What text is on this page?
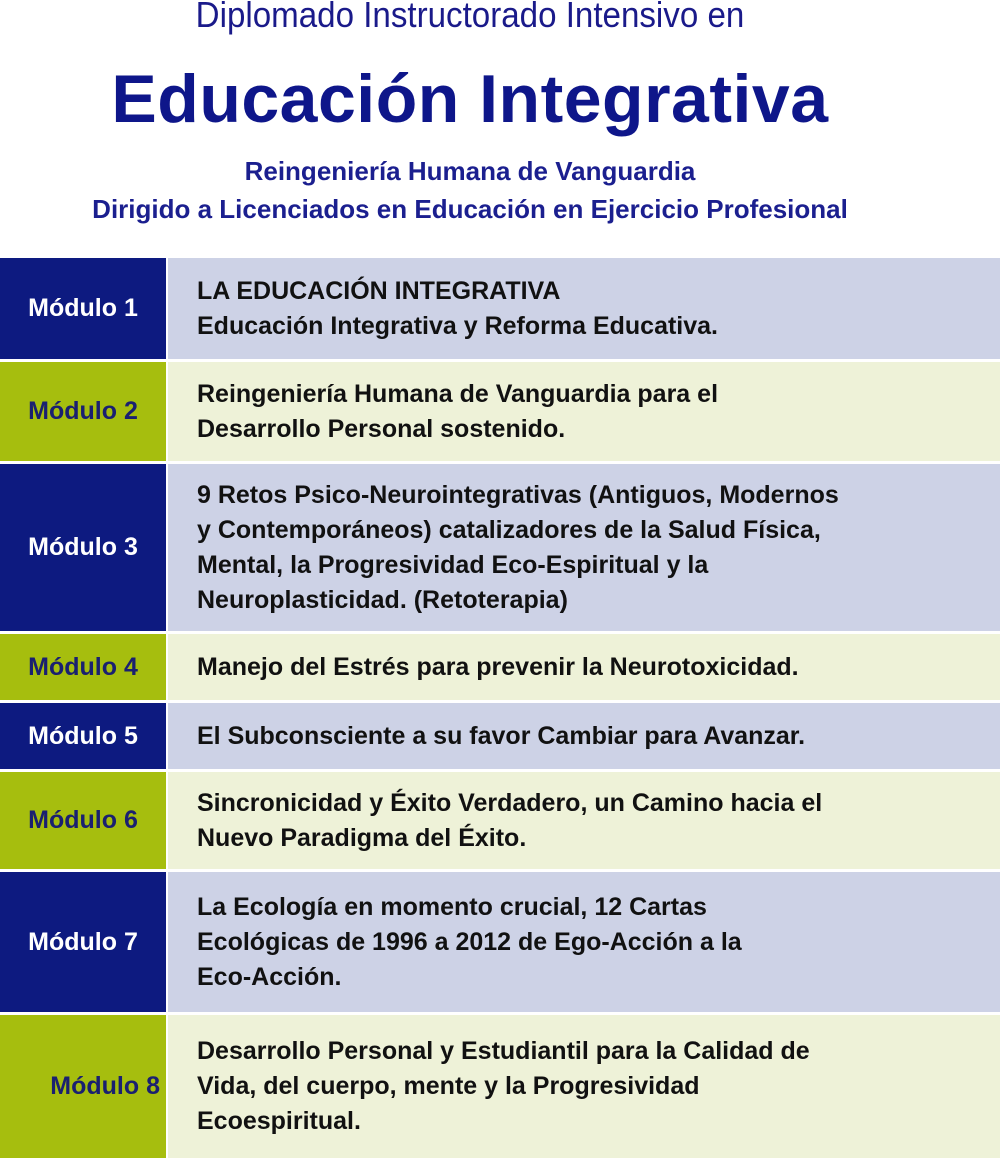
Diplomado Instructorado Intensivo en
Educación Integrativa
Reingeniería Humana de Vanguardia
Dirigido a Licenciados en Educación en Ejercicio Profesional
Módulo 1
LA EDUCACIÓN INTEGRATIVA
Educación Integrativa y Reforma Educativa.
Módulo 2
Reingeniería Humana de Vanguardia para el
Desarrollo Personal sostenido.
Módulo 3
9 Retos Psico-Neurointegrativas (Antiguos, Modernos
y Contemporáneos) catalizadores de la Salud Física,
Mental, la Progresividad Eco-Espiritual y la
Neuroplasticidad. (Retoterapia)
Módulo 4	Manejo del Estrés para prevenir la Neurotoxicidad.
Módulo 5	El Subconsciente a su favor Cambiar para Avanzar.
Módulo 6
Sincronicidad y Éxito Verdadero, un Camino hacia el
Nuevo Paradigma del Éxito.
Módulo 7
La Ecología en momento crucial, 12 Cartas
Ecológicas de 1996 a 2012 de Ego-Acción a la
Eco-Acción.
Módulo 8
Desarrollo Personal y Estudiantil para la Calidad de
Vida, del cuerpo, mente y la Progresividad
Ecoespiritual.
